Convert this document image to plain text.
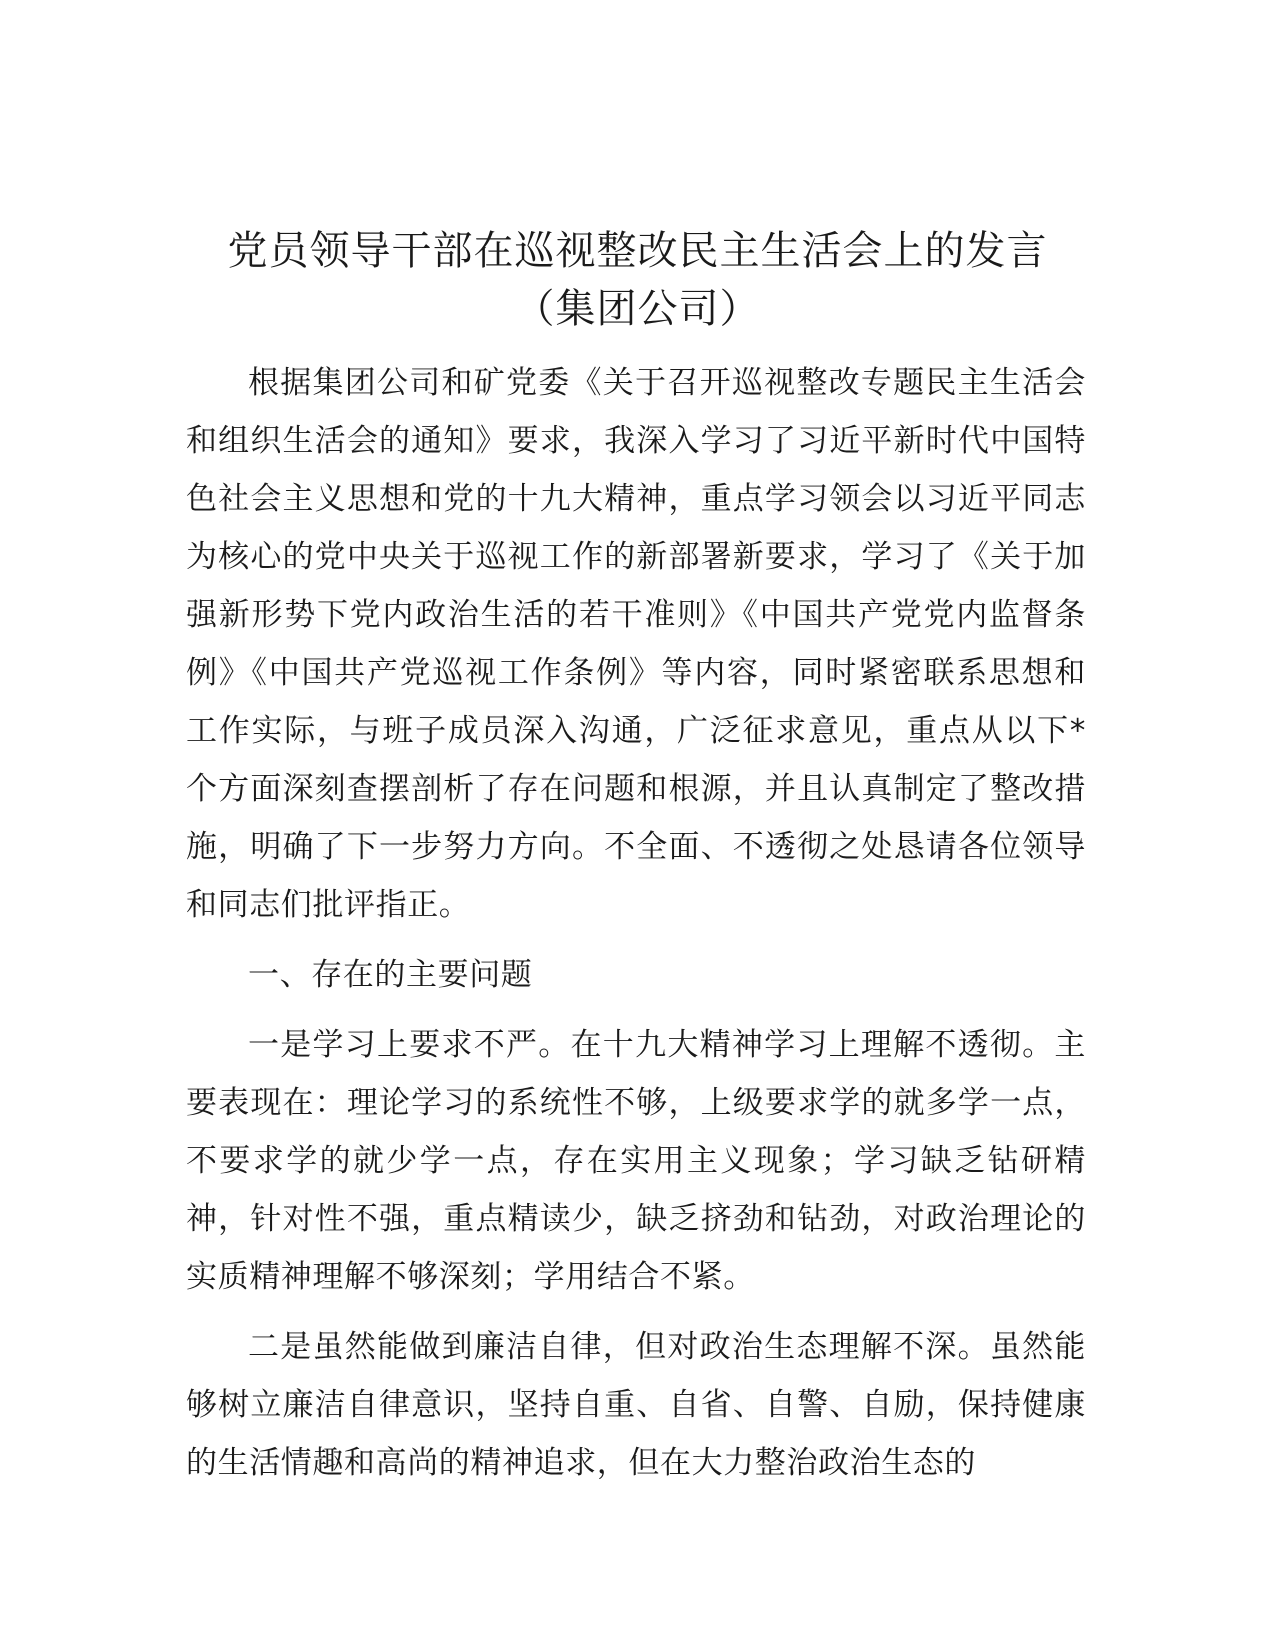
党员领导干部在巡视整改民主生活会上的发言
（集团公司）

根据集团公司和矿党委《关于召开巡视整改专题民主生活会和组织生活会的通知》要求，我深入学习了习近平新时代中国特色社会主义思想和党的十九大精神，重点学习领会以习近平同志为核心的党中央关于巡视工作的新部署新要求，学习了《关于加强新形势下党内政治生活的若干准则》《中国共产党党内监督条例》《中国共产党巡视工作条例》等内容，同时紧密联系思想和工作实际，与班子成员深入沟通，广泛征求意见，重点从以下*个方面深刻查摆剖析了存在问题和根源，并且认真制定了整改措施，明确了下一步努力方向。不全面、不透彻之处恳请各位领导和同志们批评指正。

一、存在的主要问题

一是学习上要求不严。在十九大精神学习上理解不透彻。主要表现在：理论学习的系统性不够，上级要求学的就多学一点，不要求学的就少学一点，存在实用主义现象；学习缺乏钻研精神，针对性不强，重点精读少，缺乏挤劲和钻劲，对政治理论的实质精神理解不够深刻；学用结合不紧。

二是虽然能做到廉洁自律，但对政治生态理解不深。虽然能够树立廉洁自律意识，坚持自重、自省、自警、自励，保持健康的生活情趣和高尚的精神追求，但在大力整治政治生态的
